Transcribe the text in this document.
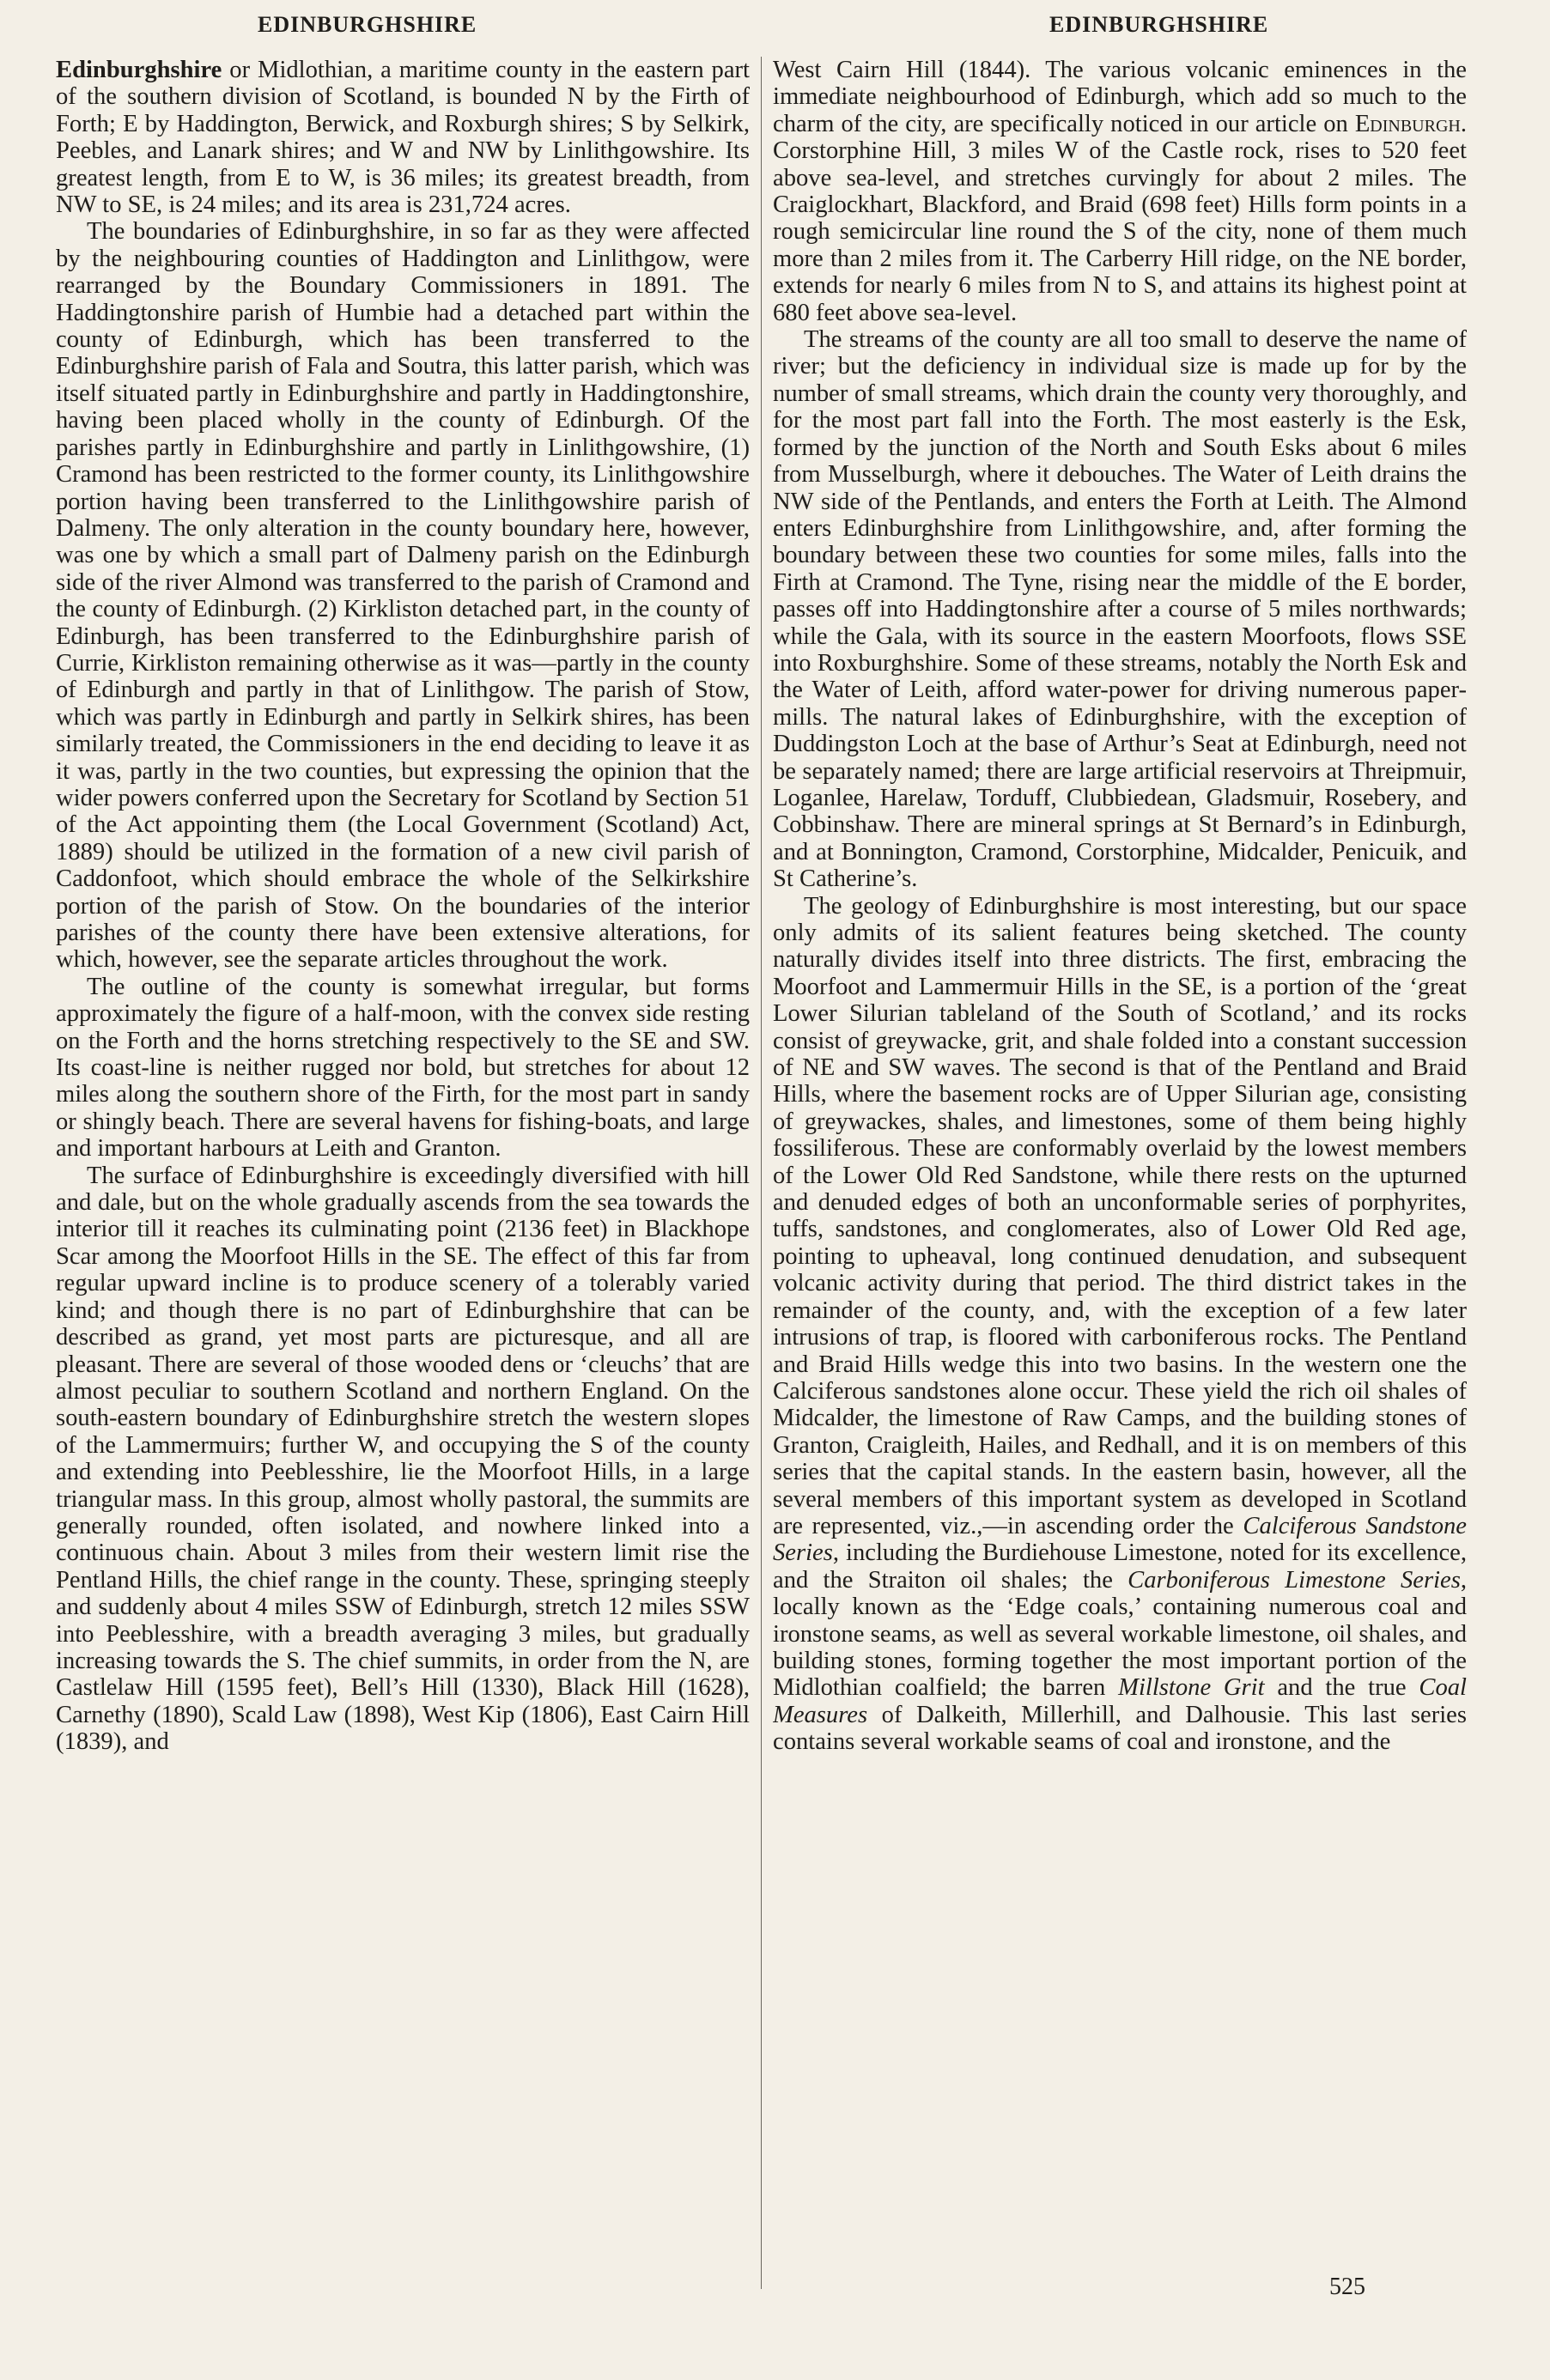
EDINBURGHSHIRE	EDINBURGHSHIRE

Edinburghshire or Midlothian, a maritime county in the eastern part of the southern division of Scotland, is bounded N by the Firth of Forth; E by Haddington, Berwick, and Roxburgh shires; S by Selkirk, Peebles, and Lanark shires; and W and NW by Linlithgowshire. Its greatest length, from E to W, is 36 miles; its greatest breadth, from NW to SE, is 24 miles; and its area is 231,724 acres.

The boundaries of Edinburghshire, in so far as they were affected by the neighbouring counties of Haddington and Linlithgow, were rearranged by the Boundary Commissioners in 1891. The Haddingtonshire parish of Humbie had a detached part within the county of Edinburgh, which has been transferred to the Edinburghshire parish of Fala and Soutra, this latter parish, which was itself situated partly in Edinburghshire and partly in Haddingtonshire, having been placed wholly in the county of Edinburgh. Of the parishes partly in Edinburghshire and partly in Linlithgowshire, (1) Cramond has been restricted to the former county, its Linlithgowshire portion having been transferred to the Linlithgowshire parish of Dalmeny. The only alteration in the county boundary here, however, was one by which a small part of Dalmeny parish on the Edinburgh side of the river Almond was transferred to the parish of Cramond and the county of Edinburgh. (2) Kirkliston detached part, in the county of Edinburgh, has been transferred to the Edinburghshire parish of Currie, Kirkliston remaining otherwise as it was—partly in the county of Edinburgh and partly in that of Linlithgow. The parish of Stow, which was partly in Edinburgh and partly in Selkirk shires, has been similarly treated, the Commissioners in the end deciding to leave it as it was, partly in the two counties, but expressing the opinion that the wider powers conferred upon the Secretary for Scotland by Section 51 of the Act appointing them (the Local Government (Scotland) Act, 1889) should be utilized in the formation of a new civil parish of Caddonfoot, which should embrace the whole of the Selkirkshire portion of the parish of Stow. On the boundaries of the interior parishes of the county there have been extensive alterations, for which, however, see the separate articles throughout the work.

The outline of the county is somewhat irregular, but forms approximately the figure of a half-moon, with the convex side resting on the Forth and the horns stretching respectively to the SE and SW. Its coast-line is neither rugged nor bold, but stretches for about 12 miles along the southern shore of the Firth, for the most part in sandy or shingly beach. There are several havens for fishing-boats, and large and important harbours at Leith and Granton.

The surface of Edinburghshire is exceedingly diversified with hill and dale, but on the whole gradually ascends from the sea towards the interior till it reaches its culminating point (2136 feet) in Blackhope Scar among the Moorfoot Hills in the SE. The effect of this far from regular upward incline is to produce scenery of a tolerably varied kind; and though there is no part of Edinburghshire that can be described as grand, yet most parts are picturesque, and all are pleasant. There are several of those wooded dens or ‘cleuchs’ that are almost peculiar to southern Scotland and northern England. On the south-eastern boundary of Edinburghshire stretch the western slopes of the Lammermuirs; further W, and occupying the S of the county and extending into Peeblesshire, lie the Moorfoot Hills, in a large triangular mass. In this group, almost wholly pastoral, the summits are generally rounded, often isolated, and nowhere linked into a continuous chain. About 3 miles from their western limit rise the Pentland Hills, the chief range in the county. These, springing steeply and suddenly about 4 miles SSW of Edinburgh, stretch 12 miles SSW into Peeblesshire, with a breadth averaging 3 miles, but gradually increasing towards the S. The chief summits, in order from the N, are Castlelaw Hill (1595 feet), Bell’s Hill (1330), Black Hill (1628), Carnethy (1890), Scald Law (1898), West Kip (1806), East Cairn Hill (1839), and

West Cairn Hill (1844). The various volcanic eminences in the immediate neighbourhood of Edinburgh, which add so much to the charm of the city, are specifically noticed in our article on Edinburgh. Corstorphine Hill, 3 miles W of the Castle rock, rises to 520 feet above sea-level, and stretches curvingly for about 2 miles. The Craiglockhart, Blackford, and Braid (698 feet) Hills form points in a rough semicircular line round the S of the city, none of them much more than 2 miles from it. The Carberry Hill ridge, on the NE border, extends for nearly 6 miles from N to S, and attains its highest point at 680 feet above sea-level.

The streams of the county are all too small to deserve the name of river; but the deficiency in individual size is made up for by the number of small streams, which drain the county very thoroughly, and for the most part fall into the Forth. The most easterly is the Esk, formed by the junction of the North and South Esks about 6 miles from Musselburgh, where it debouches. The Water of Leith drains the NW side of the Pentlands, and enters the Forth at Leith. The Almond enters Edinburghshire from Linlithgowshire, and, after forming the boundary between these two counties for some miles, falls into the Firth at Cramond. The Tyne, rising near the middle of the E border, passes off into Haddingtonshire after a course of 5 miles northwards; while the Gala, with its source in the eastern Moorfoots, flows SSE into Roxburghshire. Some of these streams, notably the North Esk and the Water of Leith, afford water-power for driving numerous paper-mills. The natural lakes of Edinburghshire, with the exception of Duddingston Loch at the base of Arthur’s Seat at Edinburgh, need not be separately named; there are large artificial reservoirs at Threipmuir, Loganlee, Harelaw, Torduff, Clubbiedean, Gladsmuir, Rosebery, and Cobbinshaw. There are mineral springs at St Bernard’s in Edinburgh, and at Bonnington, Cramond, Corstorphine, Midcalder, Penicuik, and St Catherine’s.

The geology of Edinburghshire is most interesting, but our space only admits of its salient features being sketched. The county naturally divides itself into three districts. The first, embracing the Moorfoot and Lammermuir Hills in the SE, is a portion of the ‘great Lower Silurian tableland of the South of Scotland,’ and its rocks consist of greywacke, grit, and shale folded into a constant succession of NE and SW waves. The second is that of the Pentland and Braid Hills, where the basement rocks are of Upper Silurian age, consisting of greywackes, shales, and limestones, some of them being highly fossiliferous. These are conformably overlaid by the lowest members of the Lower Old Red Sandstone, while there rests on the upturned and denuded edges of both an unconformable series of porphyrites, tuffs, sandstones, and conglomerates, also of Lower Old Red age, pointing to upheaval, long continued denudation, and subsequent volcanic activity during that period. The third district takes in the remainder of the county, and, with the exception of a few later intrusions of trap, is floored with carboniferous rocks. The Pentland and Braid Hills wedge this into two basins. In the western one the Calciferous sandstones alone occur. These yield the rich oil shales of Midcalder, the limestone of Raw Camps, and the building stones of Granton, Craigleith, Hailes, and Redhall, and it is on members of this series that the capital stands. In the eastern basin, however, all the several members of this important system as developed in Scotland are represented, viz.,—in ascending order the Calciferous Sandstone Series, including the Burdiehouse Limestone, noted for its excellence, and the Straiton oil shales; the Carboniferous Limestone Series, locally known as the ‘Edge coals,’ containing numerous coal and ironstone seams, as well as several workable limestone, oil shales, and building stones, forming together the most important portion of the Midlothian coalfield; the barren Millstone Grit and the true Coal Measures of Dalkeith, Millerhill, and Dalhousie. This last series contains several workable seams of coal and ironstone, and the

525
